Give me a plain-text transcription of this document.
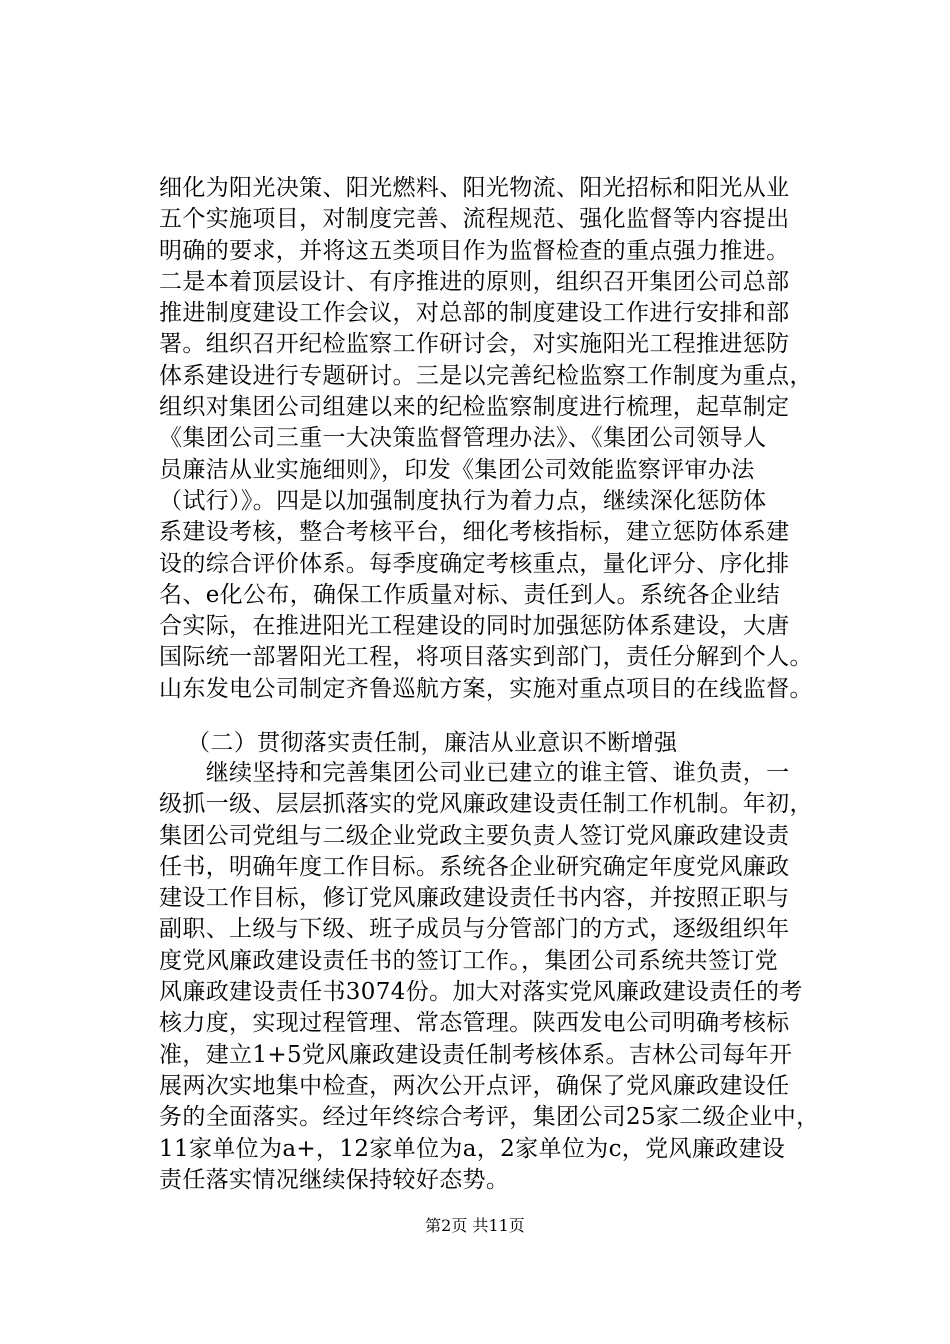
细化为阳光决策、阳光燃料、阳光物流、阳光招标和阳光从业
五个实施项目，对制度完善、流程规范、强化监督等内容提出
明确的要求，并将这五类项目作为监督检查的重点强力推进。
二是本着顶层设计、有序推进的原则，组织召开集团公司总部
推进制度建设工作会议，对总部的制度建设工作进行安排和部
署。组织召开纪检监察工作研讨会，对实施阳光工程推进惩防
体系建设进行专题研讨。三是以完善纪检监察工作制度为重点，
组织对集团公司组建以来的纪检监察制度进行梳理，起草制定
《集团公司三重一大决策监督管理办法》、《集团公司领导人
员廉洁从业实施细则》，印发《集团公司效能监察评审办法
（试行）》。四是以加强制度执行为着力点，继续深化惩防体
系建设考核，整合考核平台，细化考核指标，建立惩防体系建
设的综合评价体系。每季度确定考核重点，量化评分、序化排
名、e化公布，确保工作质量对标、责任到人。系统各企业结
合实际，在推进阳光工程建设的同时加强惩防体系建设，大唐
国际统一部署阳光工程，将项目落实到部门，责任分解到个人。
山东发电公司制定齐鲁巡航方案，实施对重点项目的在线监督。
（二）贯彻落实责任制，廉洁从业意识不断增强
　　继续坚持和完善集团公司业已建立的谁主管、谁负责，一
级抓一级、层层抓落实的党风廉政建设责任制工作机制。年初，
集团公司党组与二级企业党政主要负责人签订党风廉政建设责
任书，明确年度工作目标。系统各企业研究确定年度党风廉政
建设工作目标，修订党风廉政建设责任书内容，并按照正职与
副职、上级与下级、班子成员与分管部门的方式，逐级组织年
度党风廉政建设责任书的签订工作。，集团公司系统共签订党
风廉政建设责任书3074份。加大对落实党风廉政建设责任的考
核力度，实现过程管理、常态管理。陕西发电公司明确考核标
准，建立1+5党风廉政建设责任制考核体系。吉林公司每年开
展两次实地集中检查，两次公开点评，确保了党风廉政建设任
务的全面落实。经过年终综合考评，集团公司25家二级企业中，
11家单位为a+，12家单位为a，2家单位为c，党风廉政建设
责任落实情况继续保持较好态势。
第2页 共11页
